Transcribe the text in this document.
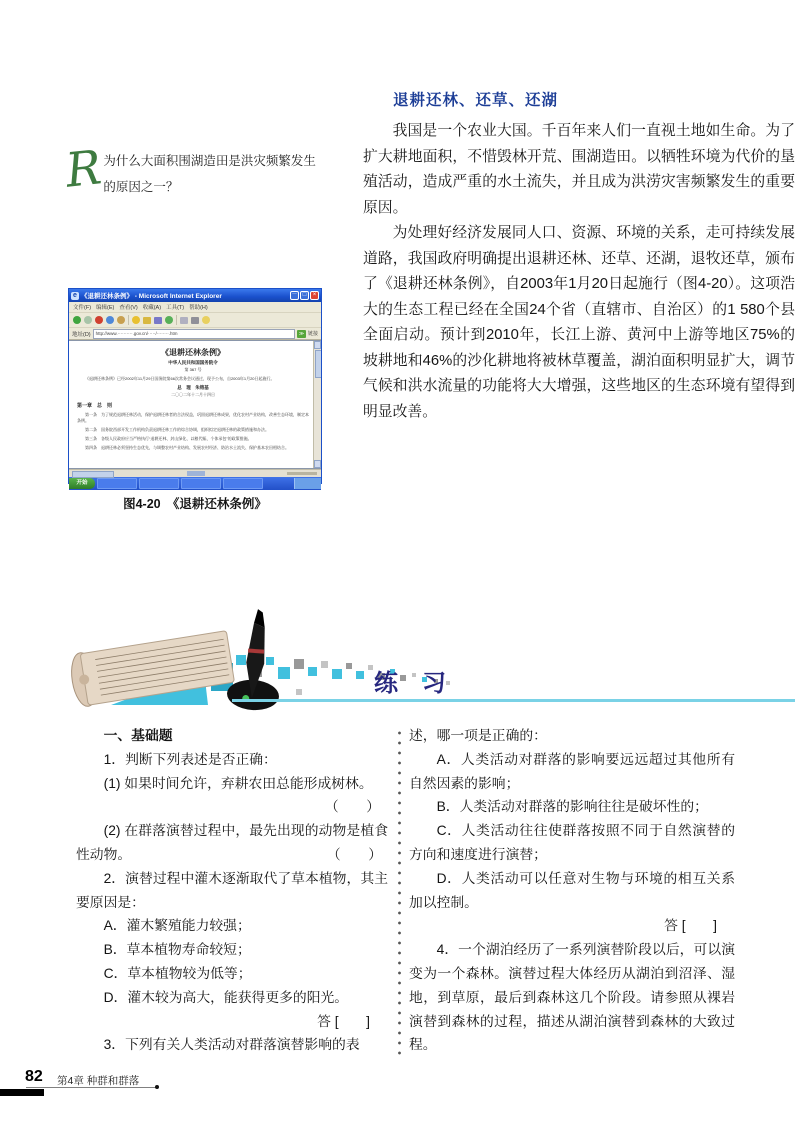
R 为什么大面积围湖造田是洪灾频繁发生的原因之一？
退耕还林、还草、还湖

我国是一个农业大国。千百年来人们一直视土地如生命。为了扩大耕地面积，不惜毁林开荒、围湖造田。以牺牲环境为代价的垦殖活动，造成严重的水土流失，并且成为洪涝灾害频繁发生的重要原因。

为处理好经济发展同人口、资源、环境的关系，走可持续发展道路，我国政府明确提出退耕还林、还草、还湖，退牧还草，颁布了《退耕还林条例》，自2003年1月20日起施行（图4-20）。这项浩大的生态工程已经在全国24个省（直辖市、自治区）的1 580个县全面启动。预计到2010年，长江上游、黄河中上游等地区75%的坡耕地和46%的沙化耕地将被林草覆盖，湖泊面积明显扩大，调节气候和洪水流量的功能将大大增强，这些地区的生态环境有望得到明显改善。

e 《退耕还林条例》 - Microsoft Internet Explorer	－ □	×
文件(F) 编辑(E) 查看(V) 收藏(A) 工具(T) 帮助(H)
地址(D)	http://www.··········.gov.cn/·····/········.htm	≫ 链接
《退耕还林条例》
中华人民共和国国务院令
第 367 号
《退耕还林条例》已经2002年11月29日国务院第66次常务会议通过，现予公布，自2003年1月20日起施行。
总　理　朱镕基
二〇〇二年十二月十四日
第一章　总　则
第一条　为了规范退耕还林活动，保护退耕还林者的合法权益，巩固退耕还林成果，优化农村产业结构，改善生态环境，制定本条例。
第二条　国务院西部开发工作机构负责退耕还林工作的综合协调，组织拟定退耕还林的政策措施和办法。
第三条　各级人民政府应当严格执行“退耕还林、封山绿化、以粮代赈、个体承包”的政策措施。
第四条　退耕还林必须坚持生态优先，与调整农村产业结构、发展农村经济、防治水土流失、保护基本农田相结合。
开始
图4-20　《退耕还林条例》
练　习
一、基础题
1．判断下列表述是否正确：
(1) 如果时间允许，弃耕农田总能形成树林。
（　　）
(2) 在群落演替过程中，最先出现的动物是植食性动物。	（　　）
2．演替过程中灌木逐渐取代了草本植物，其主要原因是：
A．灌木繁殖能力较强；
B．草本植物寿命较短；
C．草本植物较为低等；
D．灌木较为高大，能获得更多的阳光。
答 [　　]
3．下列有关人类活动对群落演替影响的表
述，哪一项是正确的：
A．人类活动对群落的影响要远远超过其他所有自然因素的影响；
B．人类活动对群落的影响往往是破坏性的；
C．人类活动往往使群落按照不同于自然演替的方向和速度进行演替；
D．人类活动可以任意对生物与环境的相互关系加以控制。
答 [　　]
4．一个湖泊经历了一系列演替阶段以后，可以演变为一个森林。演替过程大体经历从湖泊到沼泽、湿地，到草原，最后到森林这几个阶段。请参照从裸岩演替到森林的过程，描述从湖泊演替到森林的大致过程。
82 第4章 种群和群落
